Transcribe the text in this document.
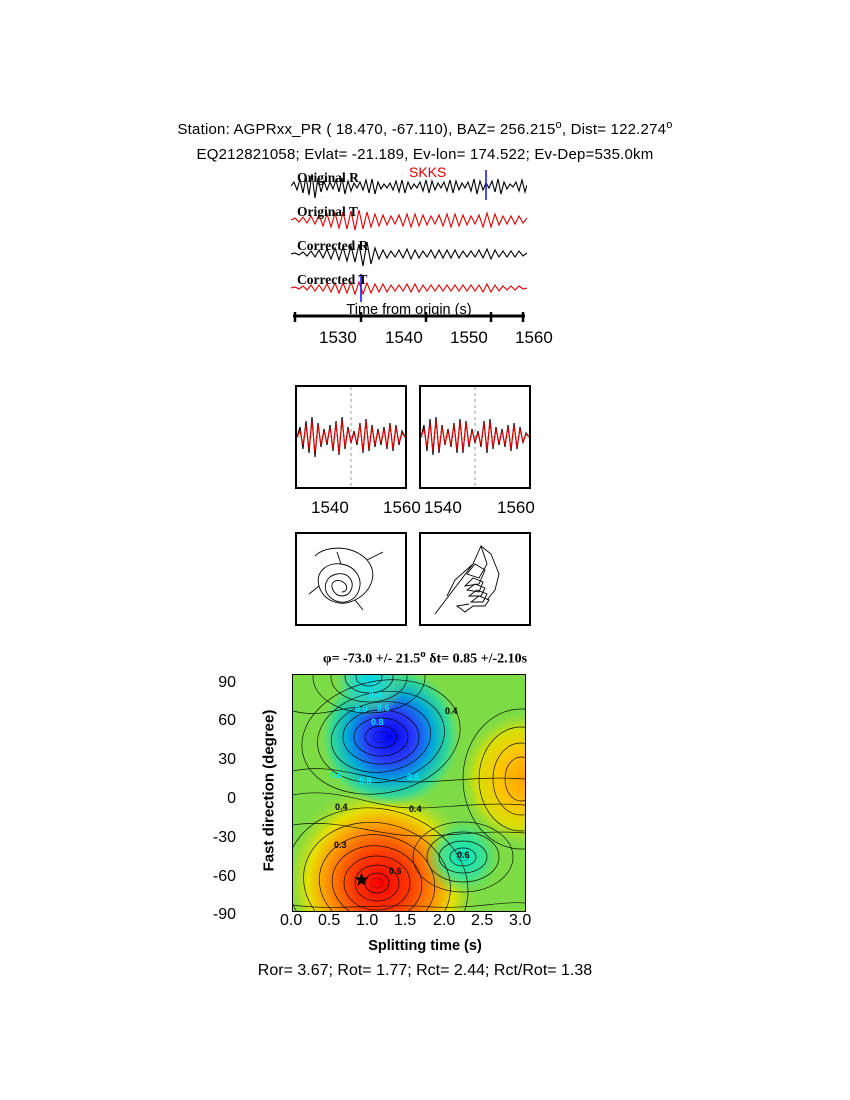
Station: AGPRxx_PR ( 18.470, -67.110), $BAZ= 256.215^o$, Dist= $122.274^o$
EQ212821058; Evlat= -21.189, Ev-lon= 174.522; Ev-Dep=535.0km
SKKS
Original R
Original T
Corrected R
Corrected T
Time from origin (s)
1530 1540 1550 1560
1540 1560 1540 1560
φ= -73.0 +/- 21.5$^o$ δt= 0.85 +/-2.10s
Fast direction (degree)
90
60
30
0
-30
-60
-90
0.4
0.9 0.6
0.8
0.4
0.6
0.8	0.6
0.4	0.4
0.3
0.6
0.6
★
0.0 0.5 1.0 1.5 2.0 2.5 3.0
Splitting time (s)
Ror= 3.67; Rot= 1.77; Rct= 2.44; Rct/Rot= 1.38
